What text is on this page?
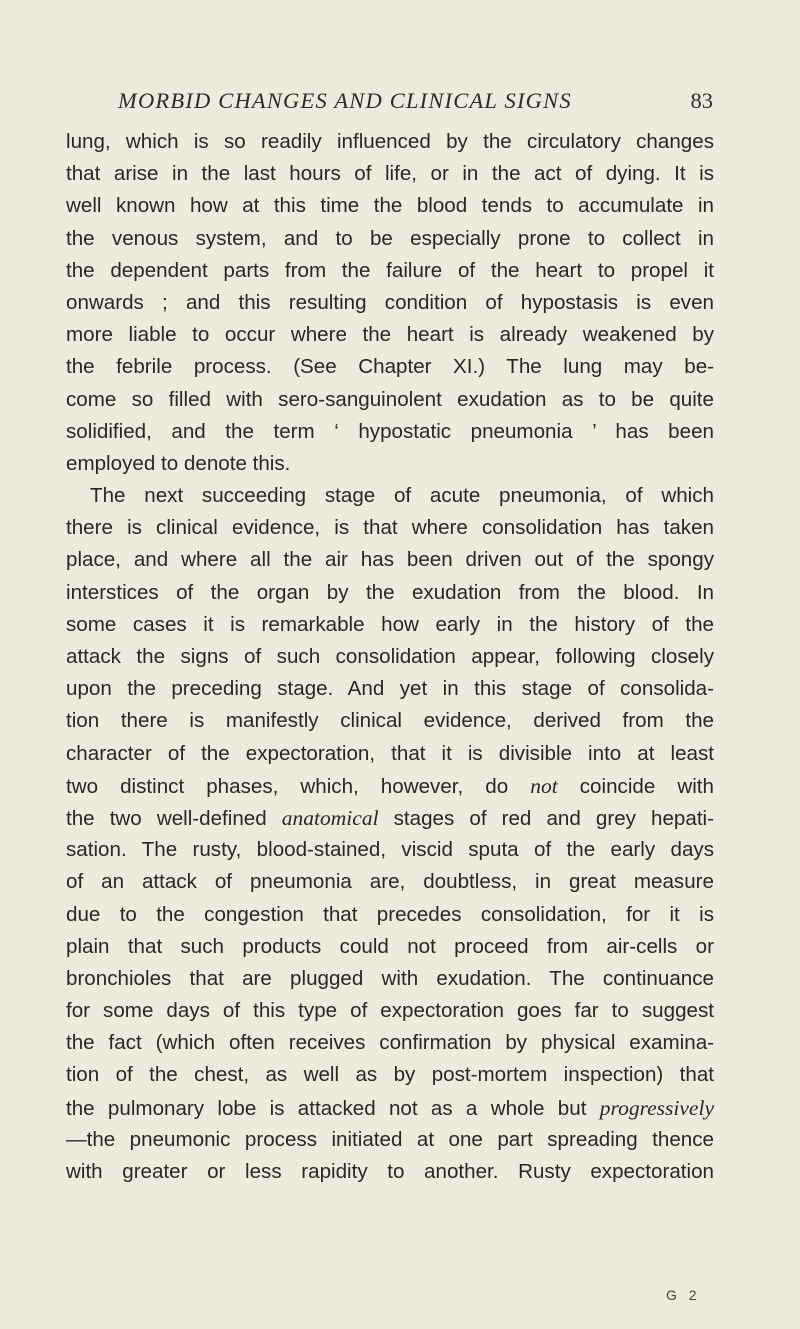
MORBID CHANGES AND CLINICAL SIGNS	83
lung, which is so readily influenced by the circulatory changes
that arise in the last hours of life, or in the act of dying. It is
well known how at this time the blood tends to accumulate in
the venous system, and to be especially prone to collect in
the dependent parts from the failure of the heart to propel it
onwards ; and this resulting condition of hypostasis is even
more liable to occur where the heart is already weakened by
the febrile process. (See Chapter XI.) The lung may be-
come so filled with sero-sanguinolent exudation as to be quite
solidified, and the term ‘ hypostatic pneumonia ’ has been
employed to denote this.
The next succeeding stage of acute pneumonia, of which
there is clinical evidence, is that where consolidation has taken
place, and where all the air has been driven out of the spongy
interstices of the organ by the exudation from the blood. In
some cases it is remarkable how early in the history of the
attack the signs of such consolidation appear, following closely
upon the preceding stage. And yet in this stage of consolida-
tion there is manifestly clinical evidence, derived from the
character of the expectoration, that it is divisible into at least
two distinct phases, which, however, do not coincide with
the two well-defined anatomical stages of red and grey hepati-
sation. The rusty, blood-stained, viscid sputa of the early days
of an attack of pneumonia are, doubtless, in great measure
due to the congestion that precedes consolidation, for it is
plain that such products could not proceed from air-cells or
bronchioles that are plugged with exudation. The continuance
for some days of this type of expectoration goes far to suggest
the fact (which often receives confirmation by physical examina-
tion of the chest, as well as by post-mortem inspection) that
the pulmonary lobe is attacked not as a whole but progressively
—the pneumonic process initiated at one part spreading thence
with greater or less rapidity to another. Rusty expectoration
G 2
